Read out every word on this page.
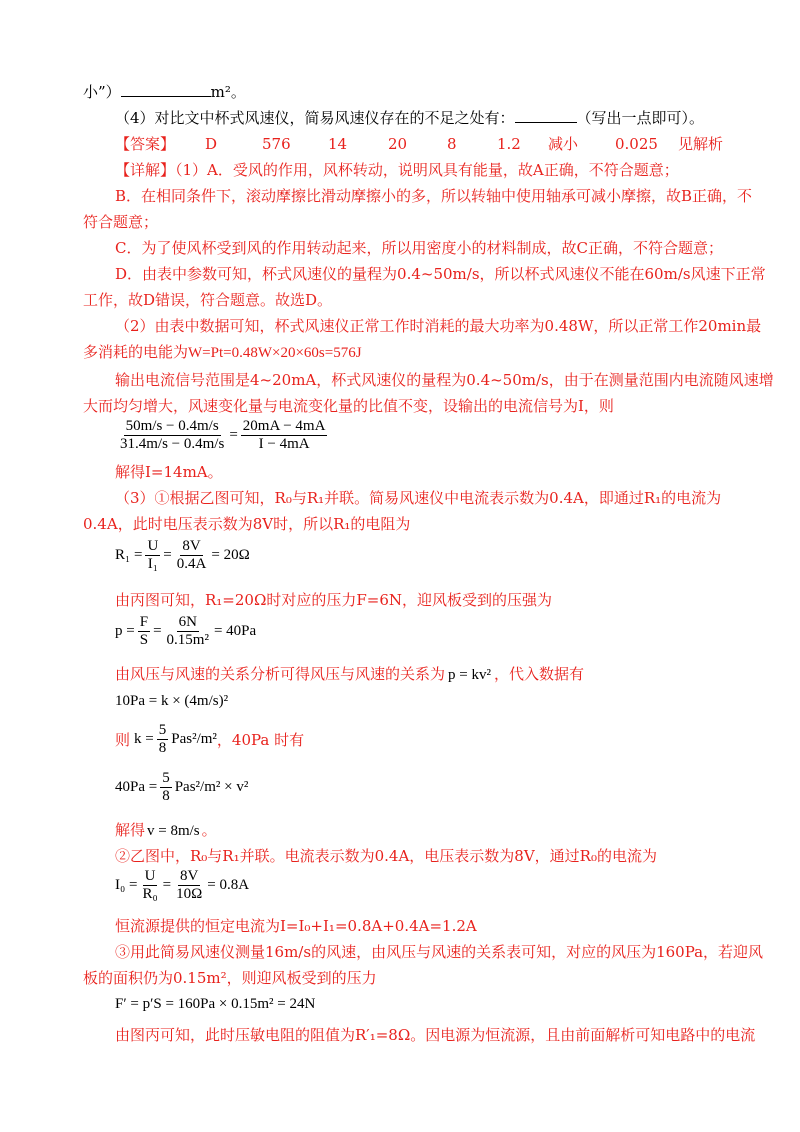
小”）	m²。
（4）对比文中杯式风速仪，简易风速仪存在的不足之处有：	（写出一点即可）。
【答案】 D	576 14	20	8	1.2 减小 0.025 见解析
【详解】（1）A．受风的作用，风杯转动，说明风具有能量，故A正确，不符合题意；
B．在相同条件下，滚动摩擦比滑动摩擦小的多，所以转轴中使用轴承可减小摩擦，故B正确，不
符合题意；
C．为了使风杯受到风的作用转动起来，所以用密度小的材料制成，故C正确，不符合题意；
D．由表中参数可知，杯式风速仪的量程为0.4~50m/s，所以杯式风速仪不能在60m/s风速下正常
工作，故D错误，符合题意。故选D。
（2）由表中数据可知，杯式风速仪正常工作时消耗的最大功率为0.48W，所以正常工作20min最
多消耗的电能为W=Pt=0.48W×20×60s=576J
输出电流信号范围是4~20mA，杯式风速仪的量程为0.4~50m/s，由于在测量范围内电流随风速增
大而均匀增大，风速变化量与电流变化量的比值不变，设输出的电流信号为I，则
$\frac{50m/s - 0.4m/s}{31.4m/s - 0.4m/s} = \frac{20mA - 4mA}{I - 4mA}$
解得I=14mA。
（3）①根据乙图可知，R₀与R₁并联。简易风速仪中电流表示数为0.4A，即通过R₁的电流为
0.4A，此时电压表示数为8V时，所以R₁的电阻为
$R_1 = \frac{U}{\text{I₁}} = \frac{8V}{0.4A} = 20\Omega$
由丙图可知，R₁=20Ω时对应的压力F=6N，迎风板受到的压强为
$p = \frac{F}{S} = \frac{6N}{\text{0.15m²}} = 40Pa$
由风压与风速的关系分析可得风压与风速的关系为 p = kv² ，代入数据有
10Pa = k × (4m/s)²
则 $k = \frac{5}{8} Pas^2/m^2$ ，40Pa 时有
$40Pa = \frac{5}{8} Pas^2/m^2 \times v^2$
解得 v = 8m/s 。
②乙图中，R₀与R₁并联。电流表示数为0.4A，电压表示数为8V，通过R₀的电流为
$I_0 = \frac{U}{\text{R₀}} = \frac{8V}{10\Omega} = 0.8A$
恒流源提供的恒定电流为I=I₀+I₁=0.8A+0.4A=1.2A
③用此简易风速仪测量16m/s的风速，由风压与风速的关系表可知，对应的风压为160Pa，若迎风
板的面积仍为0.15m²，则迎风板受到的压力
F′ = p′S = 160Pa × 0.15m² = 24N
由图丙可知，此时压敏电阻的阻值为R′₁=8Ω。因电源为恒流源，且由前面解析可知电路中的电流
